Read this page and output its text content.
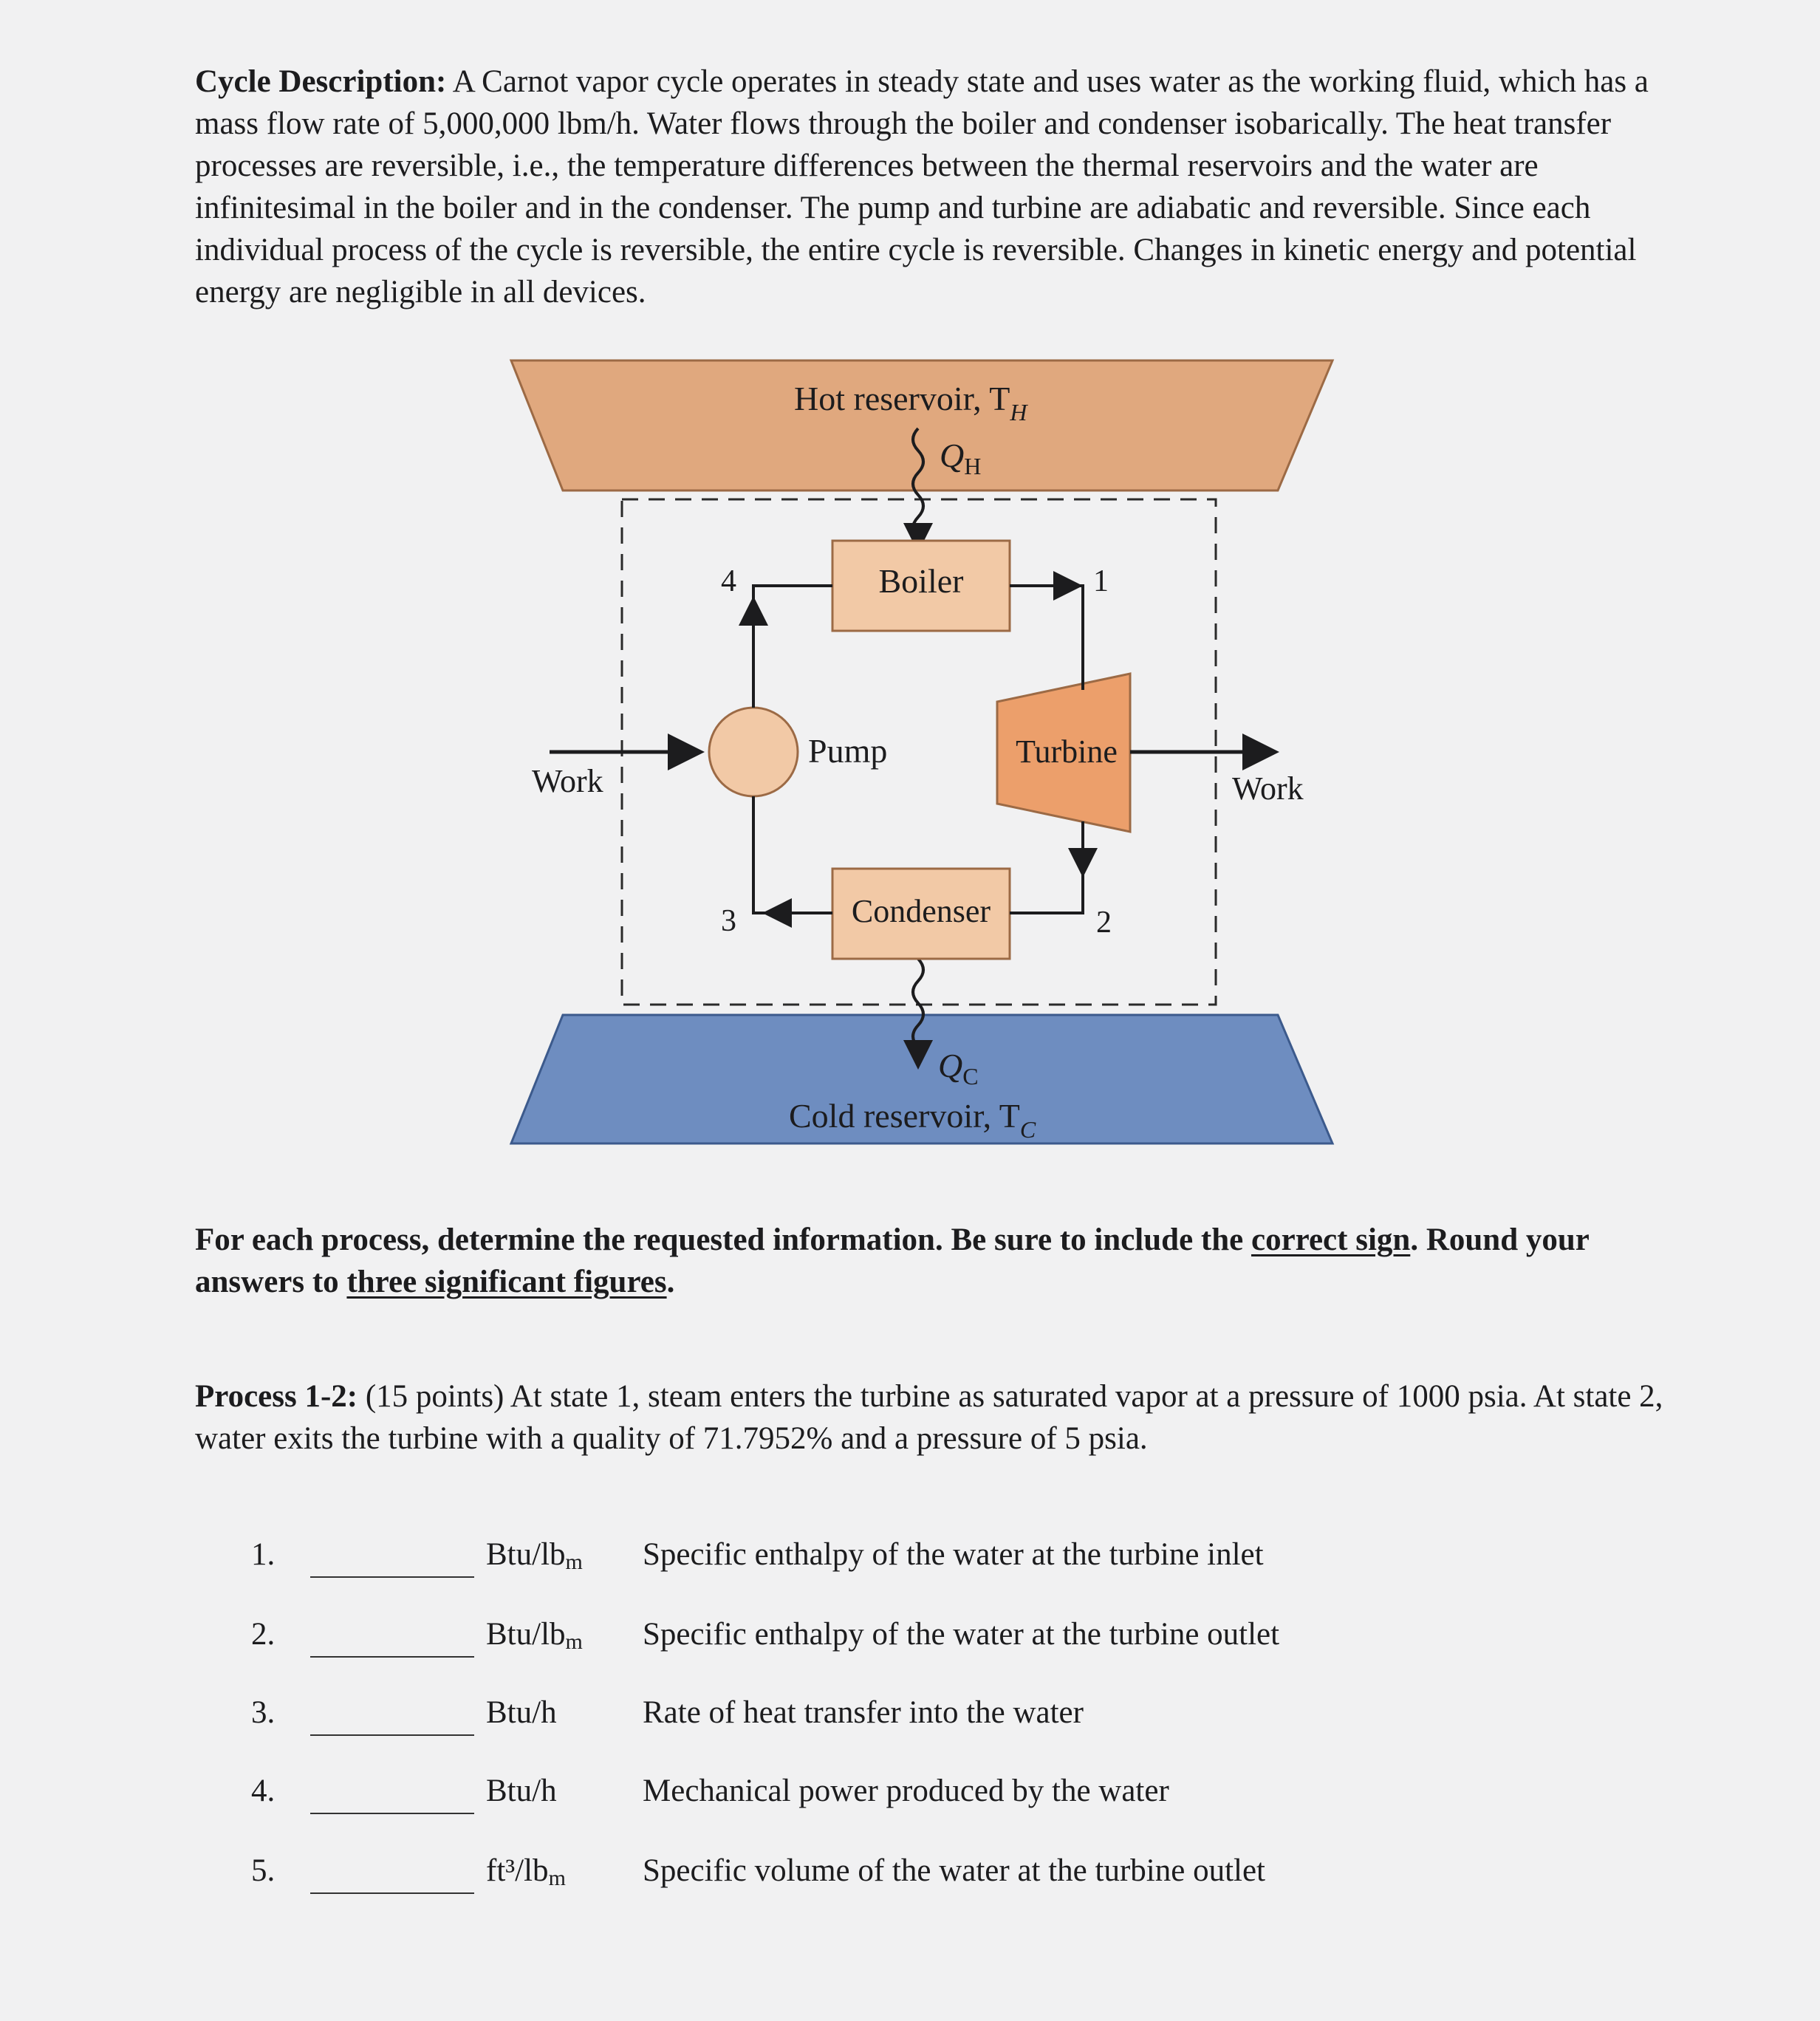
Cycle Description: A Carnot vapor cycle operates in steady state and uses water as the working fluid, which has a mass flow rate of 5,000,000 lbm/h. Water flows through the boiler and condenser isobarically. The heat transfer processes are reversible, i.e., the temperature differences between the thermal reservoirs and the water are infinitesimal in the boiler and in the condenser. The pump and turbine are adiabatic and reversible. Since each individual process of the cycle is reversible, the entire cycle is reversible. Changes in kinetic energy and potential energy are negligible in all devices.

Hot reservoir, $T_H$
Cold reservoir, $T_C$
$Q_H$
$Q_C$
Boiler
Condenser
Pump	Turbine
Work	Work
1
2
3
4

For each process, determine the requested information. Be sure to include the correct sign. Round your answers to three significant figures.

Process 1-2: (15 points) At state 1, steam enters the turbine as saturated vapor at a pressure of 1000 psia. At state 2, water exits the turbine with a quality of 71.7952% and a pressure of 5 psia.

1.	Btu/$lb_m$ Specific enthalpy of the water at the turbine inlet
2.	Btu/$lb_m$ Specific enthalpy of the water at the turbine outlet
3.	Btu/h	Rate of heat transfer into the water
4.	Btu/h	Mechanical power produced by the water
5.	ft³/$lb_m$ Specific volume of the water at the turbine outlet
